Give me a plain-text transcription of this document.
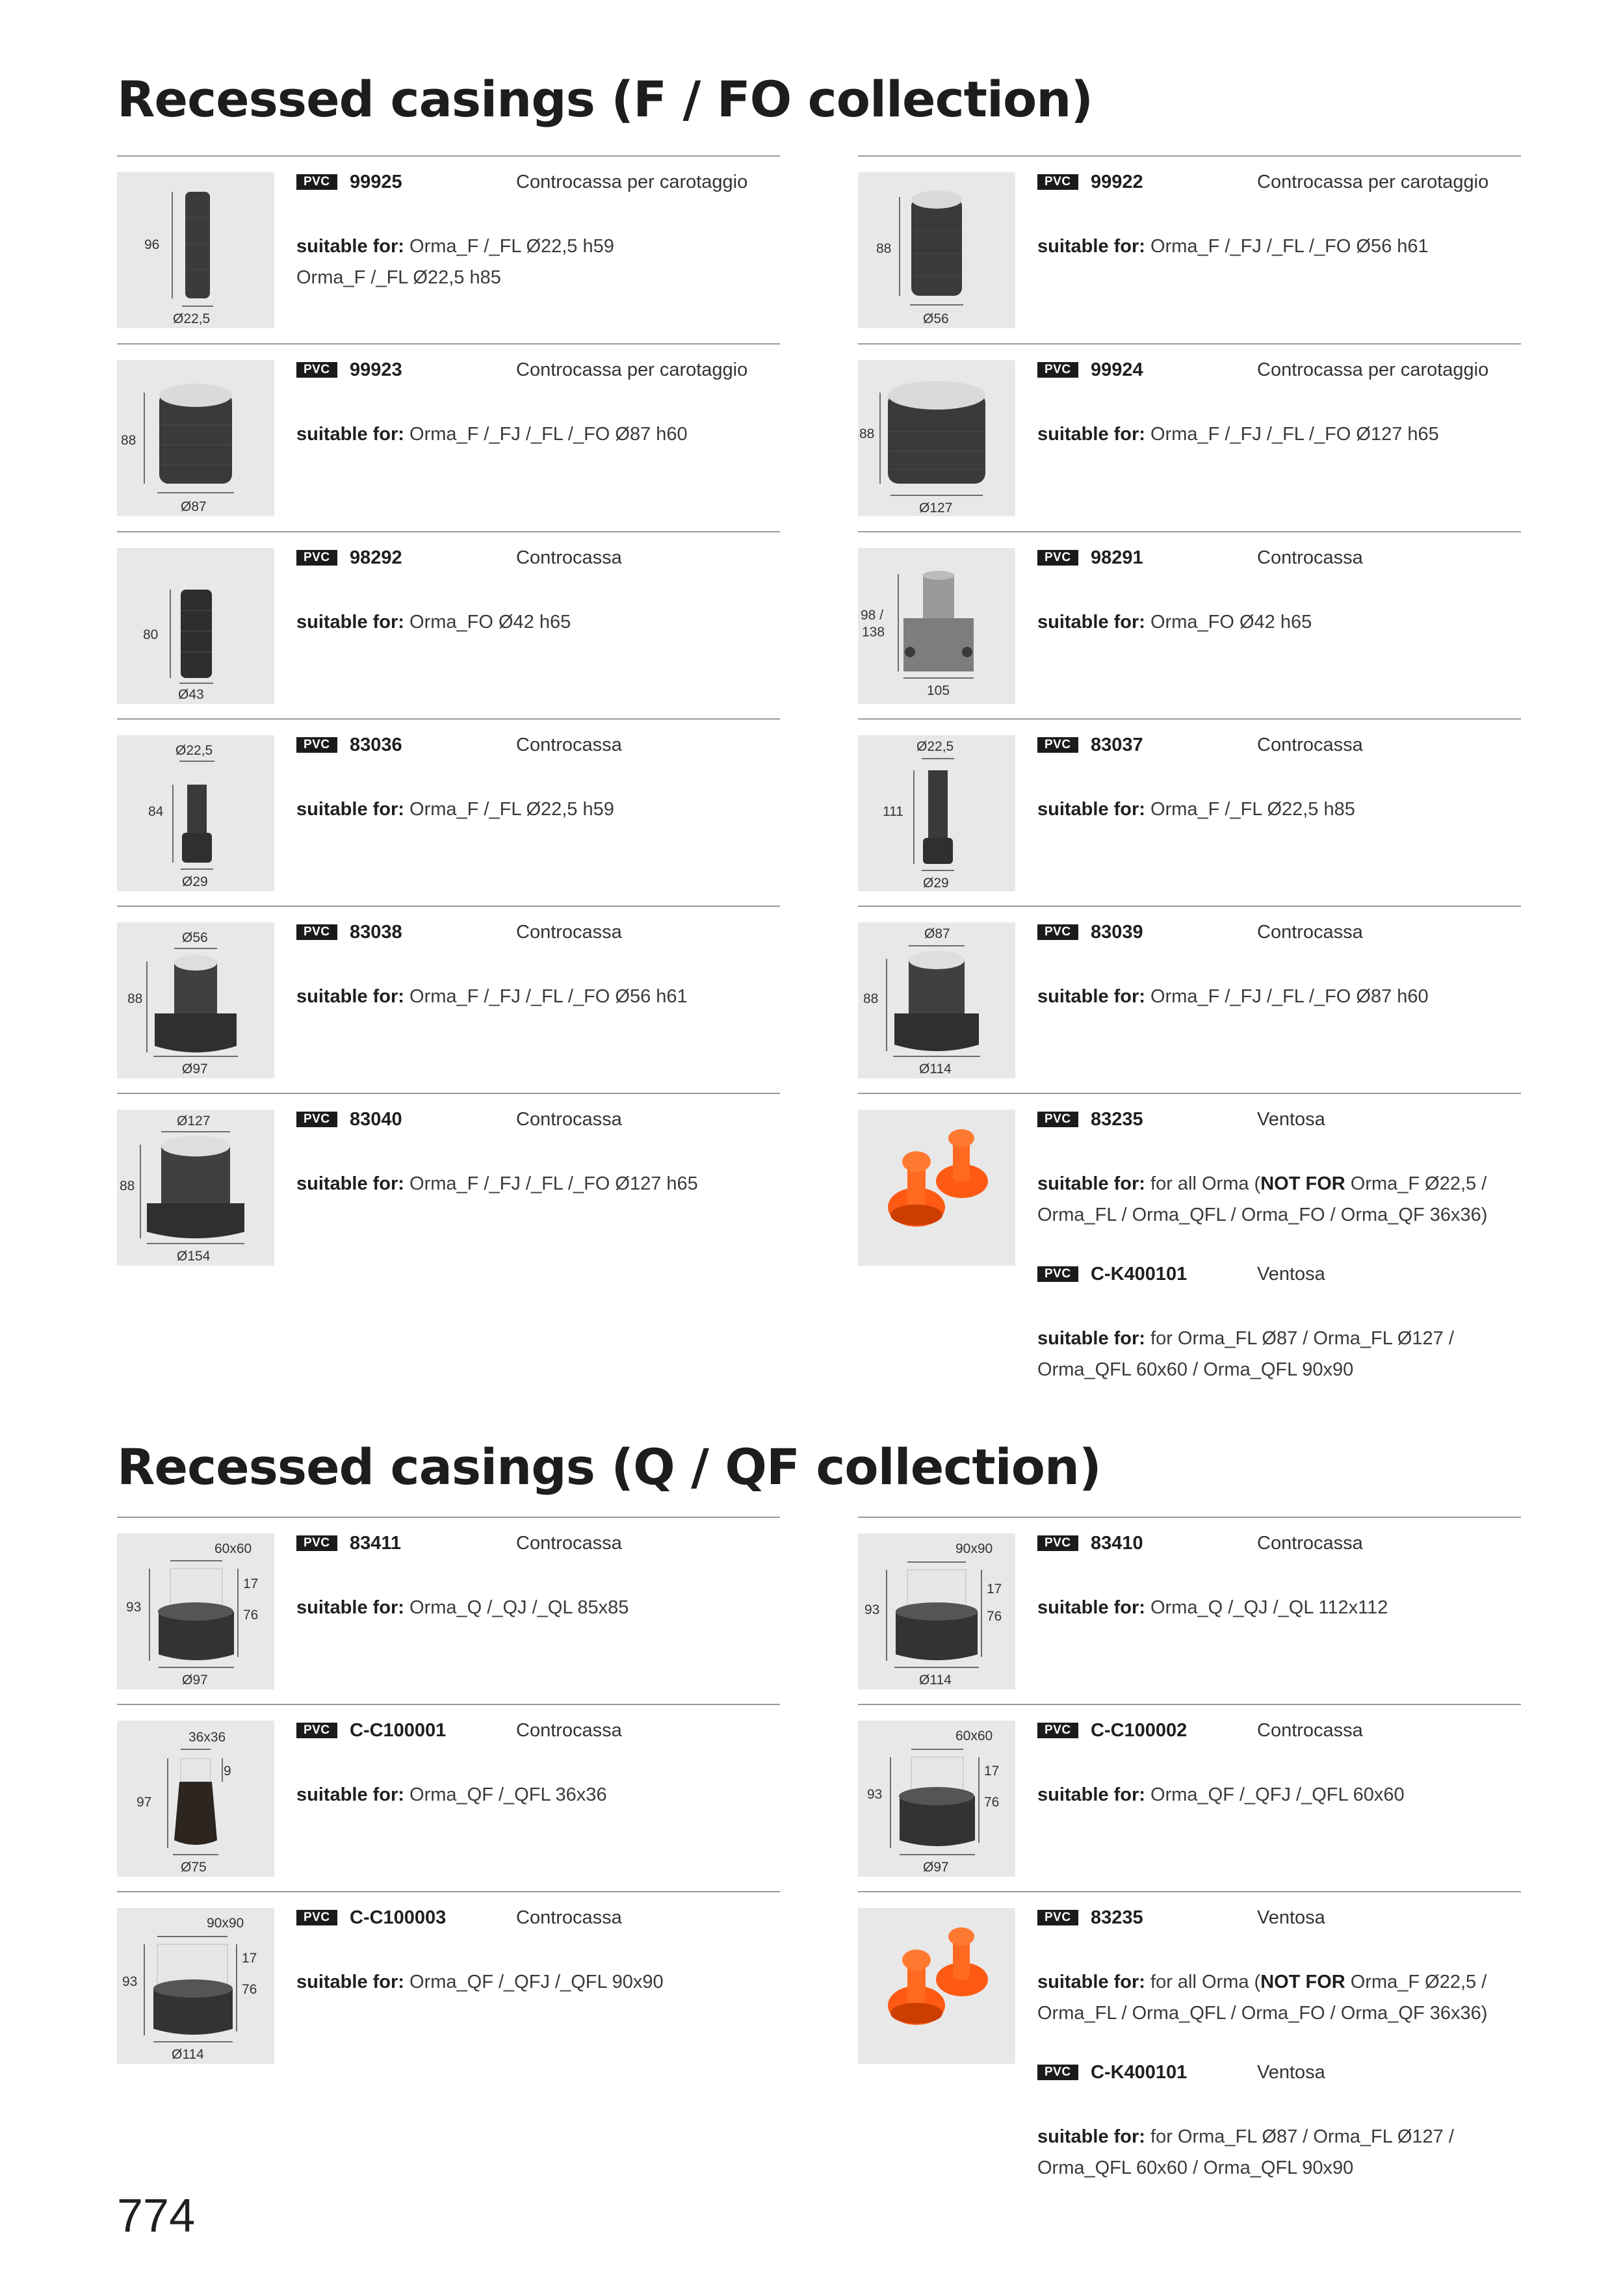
Recessed casings (F / FO collection)
Recessed casings (Q / QF collection)
96
Ø22,5
PVC	99925	Controcassa per carotaggio
suitable for: Orma_F /_FL Ø22,5 h59
Orma_F /_FL Ø22,5 h85
88
Ø56
PVC	99922	Controcassa per carotaggio
suitable for: Orma_F /_FJ /_FL /_FO Ø56 h61
88
Ø87
PVC	99923	Controcassa per carotaggio
suitable for: Orma_F /_FJ /_FL /_FO Ø87 h60	88
Ø127
PVC	99924	Controcassa per carotaggio
suitable for: Orma_F /_FJ /_FL /_FO Ø127 h65
80
Ø43
PVC	98292	Controcassa
suitable for: Orma_FO Ø42 h65	98 /
138
105
PVC	98291	Controcassa
suitable for: Orma_FO Ø42 h65
Ø22,5
84
Ø29
PVC	83036	Controcassa
suitable for: Orma_F /_FL Ø22,5 h59
Ø22,5
111
Ø29
PVC	83037	Controcassa
suitable for: Orma_F /_FL Ø22,5 h85
Ø56
88
Ø97
PVC	83038	Controcassa
suitable for: Orma_F /_FJ /_FL /_FO Ø56 h61
Ø87
88
Ø114
PVC	83039	Controcassa
suitable for: Orma_F /_FJ /_FL /_FO Ø87 h60
Ø127
88
Ø154
PVC	83040	Controcassa
suitable for: Orma_F /_FJ /_FL /_FO Ø127 h65
PVC	83235	Ventosa
suitable for: for all Orma (NOT FOR Orma_F Ø22,5 /
Orma_FL / Orma_QFL / Orma_FO / Orma_QF 36x36)
PVC	C-K400101	Ventosa
suitable for: for Orma_FL Ø87 / Orma_FL Ø127 /
Orma_QFL 60x60 / Orma_QFL 90x90
60x60
17
93
76
Ø97
PVC	83411	Controcassa
suitable for: Orma_Q /_QJ /_QL 85x85
90x90
17
93	76
Ø114
PVC	83410	Controcassa
suitable for: Orma_Q /_QJ /_QL 112x112
36x36
9
97
Ø75
PVC	C-C100001	Controcassa
suitable for: Orma_QF /_QFL 36x36
60x60
17
93
76
Ø97
PVC	C-C100002	Controcassa
suitable for: Orma_QF /_QFJ /_QFL 60x60
90x90
17
93
76
Ø114
PVC	C-C100003	Controcassa
suitable for: Orma_QF /_QFJ /_QFL 90x90
PVC	83235	Ventosa
suitable for: for all Orma (NOT FOR Orma_F Ø22,5 /
Orma_FL / Orma_QFL / Orma_FO / Orma_QF 36x36)
PVC	C-K400101	Ventosa
suitable for: for Orma_FL Ø87 / Orma_FL Ø127 /
Orma_QFL 60x60 / Orma_QFL 90x90
774
